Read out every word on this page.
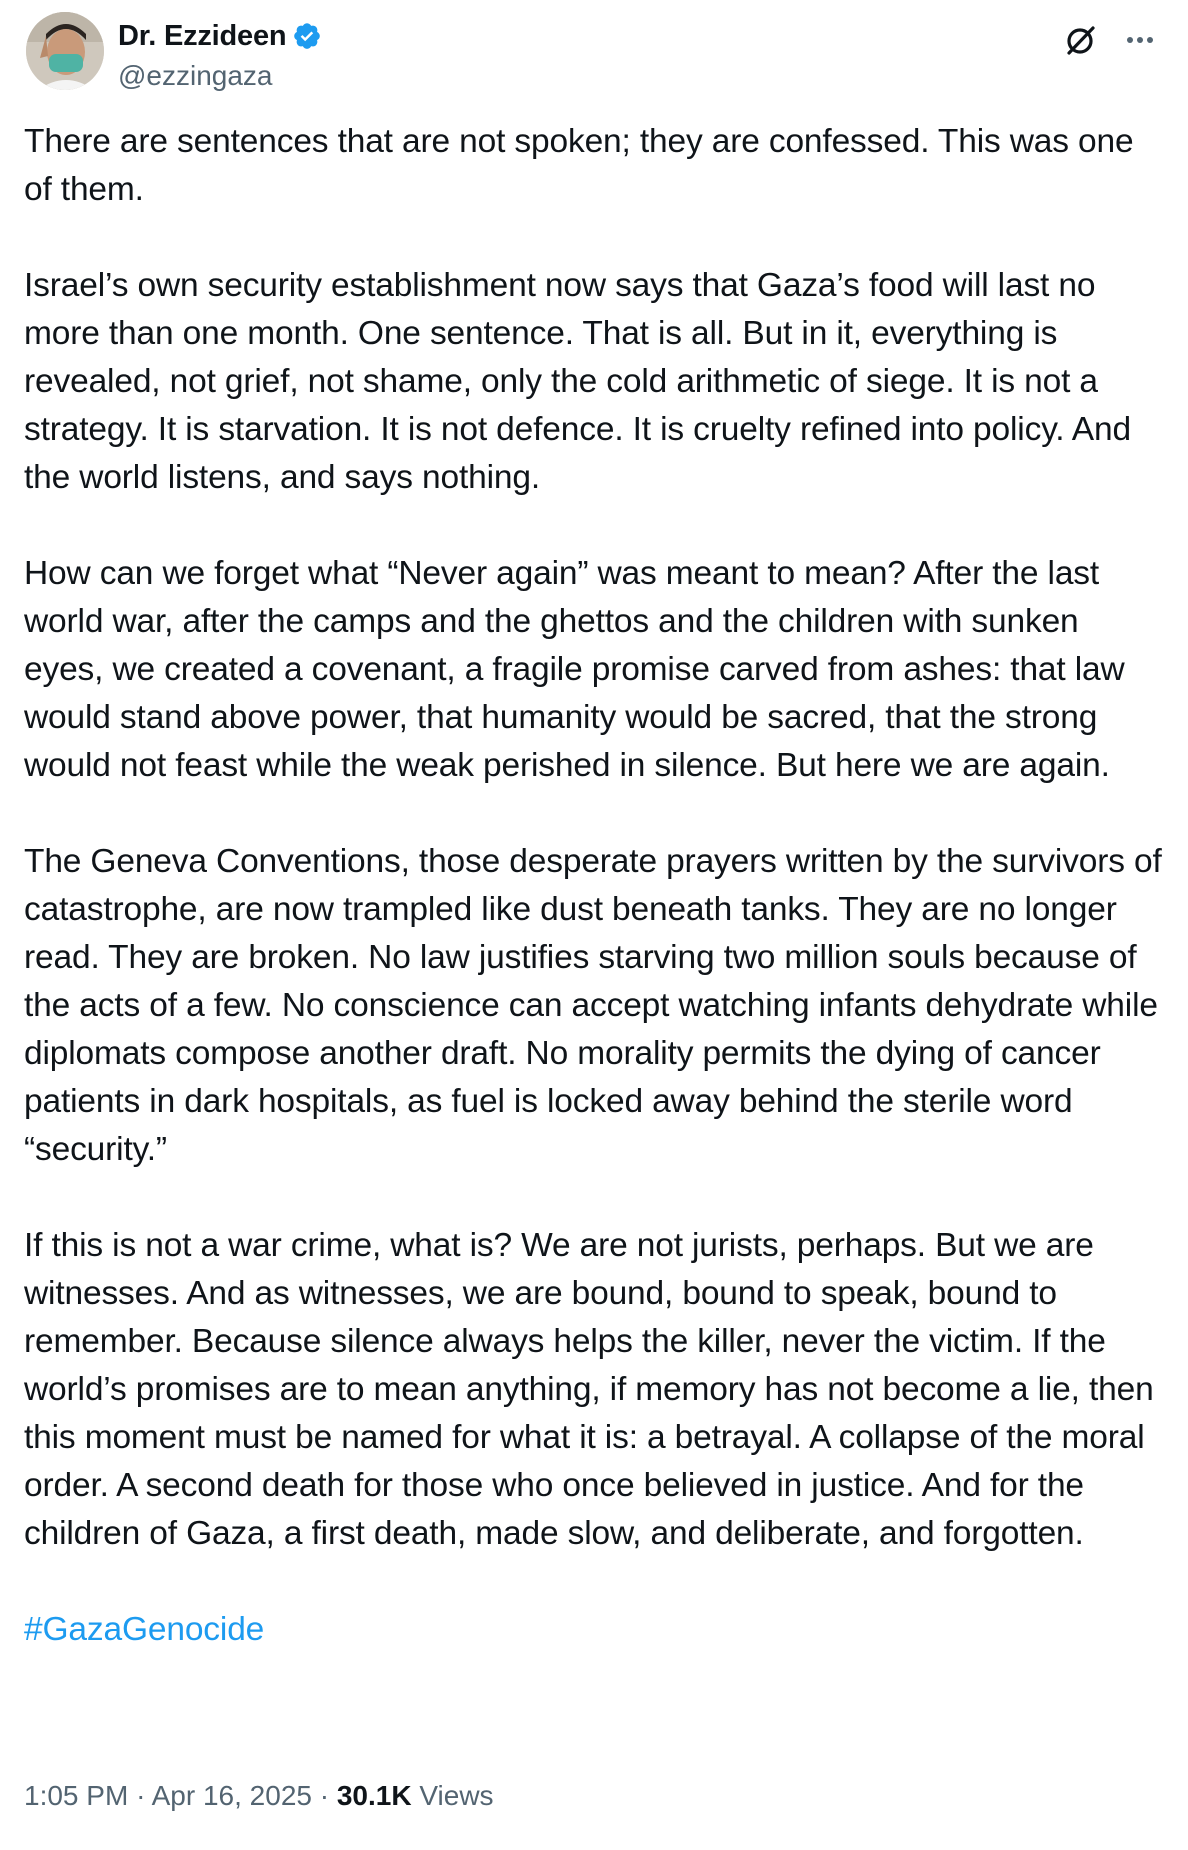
Dr. Ezzideen
@ezzingaza

There are sentences that are not spoken; they are confessed. This was one of them.

Israel’s own security establishment now says that Gaza’s food will last no more than one month. One sentence. That is all. But in it, everything is revealed, not grief, not shame, only the cold arithmetic of siege. It is not a strategy. It is starvation. It is not defence. It is cruelty refined into policy. And the world listens, and says nothing.

How can we forget what “Never again” was meant to mean? After the last world war, after the camps and the ghettos and the children with sunken eyes, we created a covenant, a fragile promise carved from ashes: that law would stand above power, that humanity would be sacred, that the strong would not feast while the weak perished in silence. But here we are again.

The Geneva Conventions, those desperate prayers written by the survivors of catastrophe, are now trampled like dust beneath tanks. They are no longer read. They are broken. No law justifies starving two million souls because of the acts of a few. No conscience can accept watching infants dehydrate while diplomats compose another draft. No morality permits the dying of cancer patients in dark hospitals, as fuel is locked away behind the sterile word “security.”

If this is not a war crime, what is? We are not jurists, perhaps. But we are witnesses. And as witnesses, we are bound, bound to speak, bound to remember. Because silence always helps the killer, never the victim. If the world’s promises are to mean anything, if memory has not become a lie, then this moment must be named for what it is: a betrayal. A collapse of the moral order. A second death for those who once believed in justice. And for the children of Gaza, a first death, made slow, and deliberate, and forgotten.

#GazaGenocide

1:05 PM · Apr 16, 2025 · 30.1K Views
